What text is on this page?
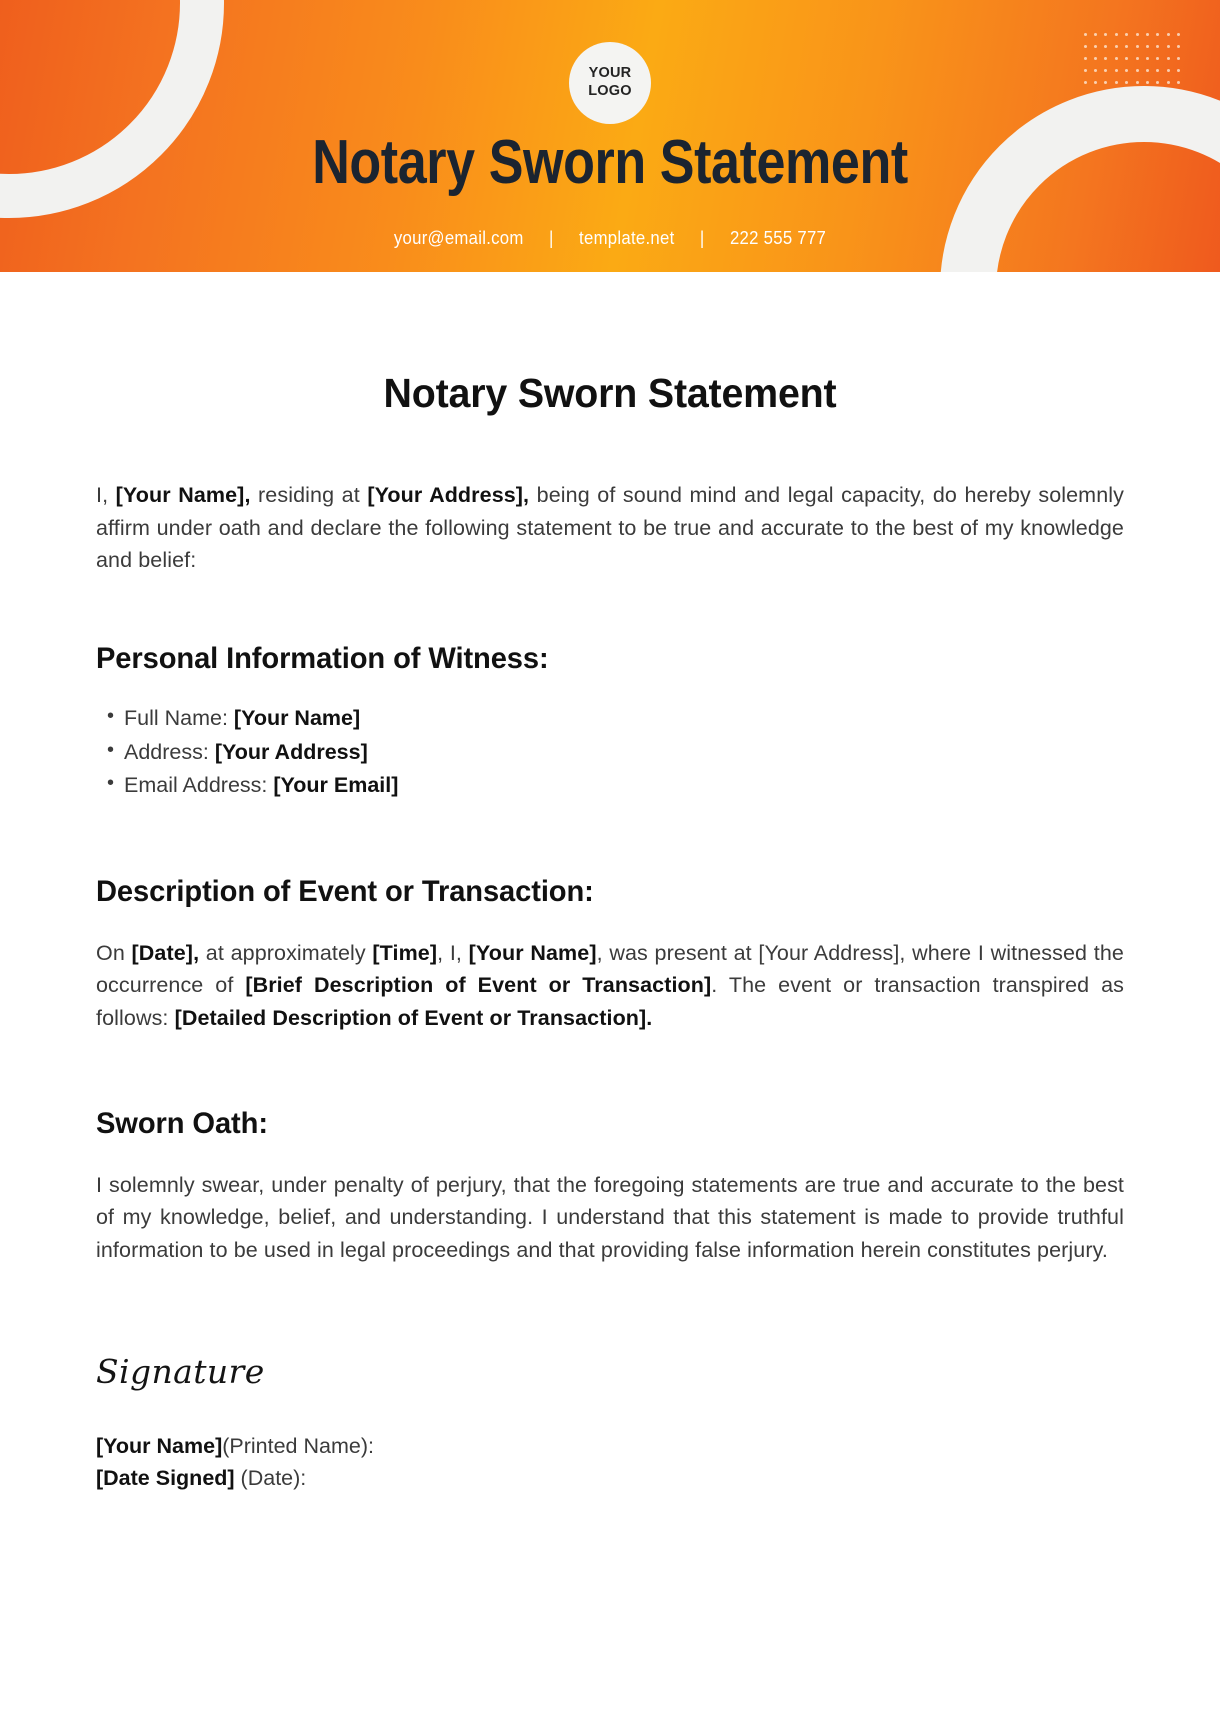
YOUR
LOGO
Notary Sworn Statement
your@email.com | template.net | 222 555 777
Notary Sworn Statement

I, [Your Name], residing at [Your Address], being of sound mind and legal capacity, do hereby solemnly affirm under oath and declare the following statement to be true and accurate to the best of my knowledge and belief:

Personal Information of Witness:
• Full Name: [Your Name]
• Address: [Your Address]
• Email Address: [Your Email]
Description of Event or Transaction:

On [Date], at approximately [Time], I, [Your Name], was present at [Your Address], where I witnessed the occurrence of [Brief Description of Event or Transaction]. The event or transaction transpired as follows: [Detailed Description of Event or Transaction].

Sworn Oath:

I solemnly swear, under penalty of perjury, that the foregoing statements are true and accurate to the best of my knowledge, belief, and understanding. I understand that this statement is made to provide truthful information to be used in legal proceedings and that providing false information herein constitutes perjury.

Signature
[Your Name](Printed Name):
[Date Signed] (Date):
